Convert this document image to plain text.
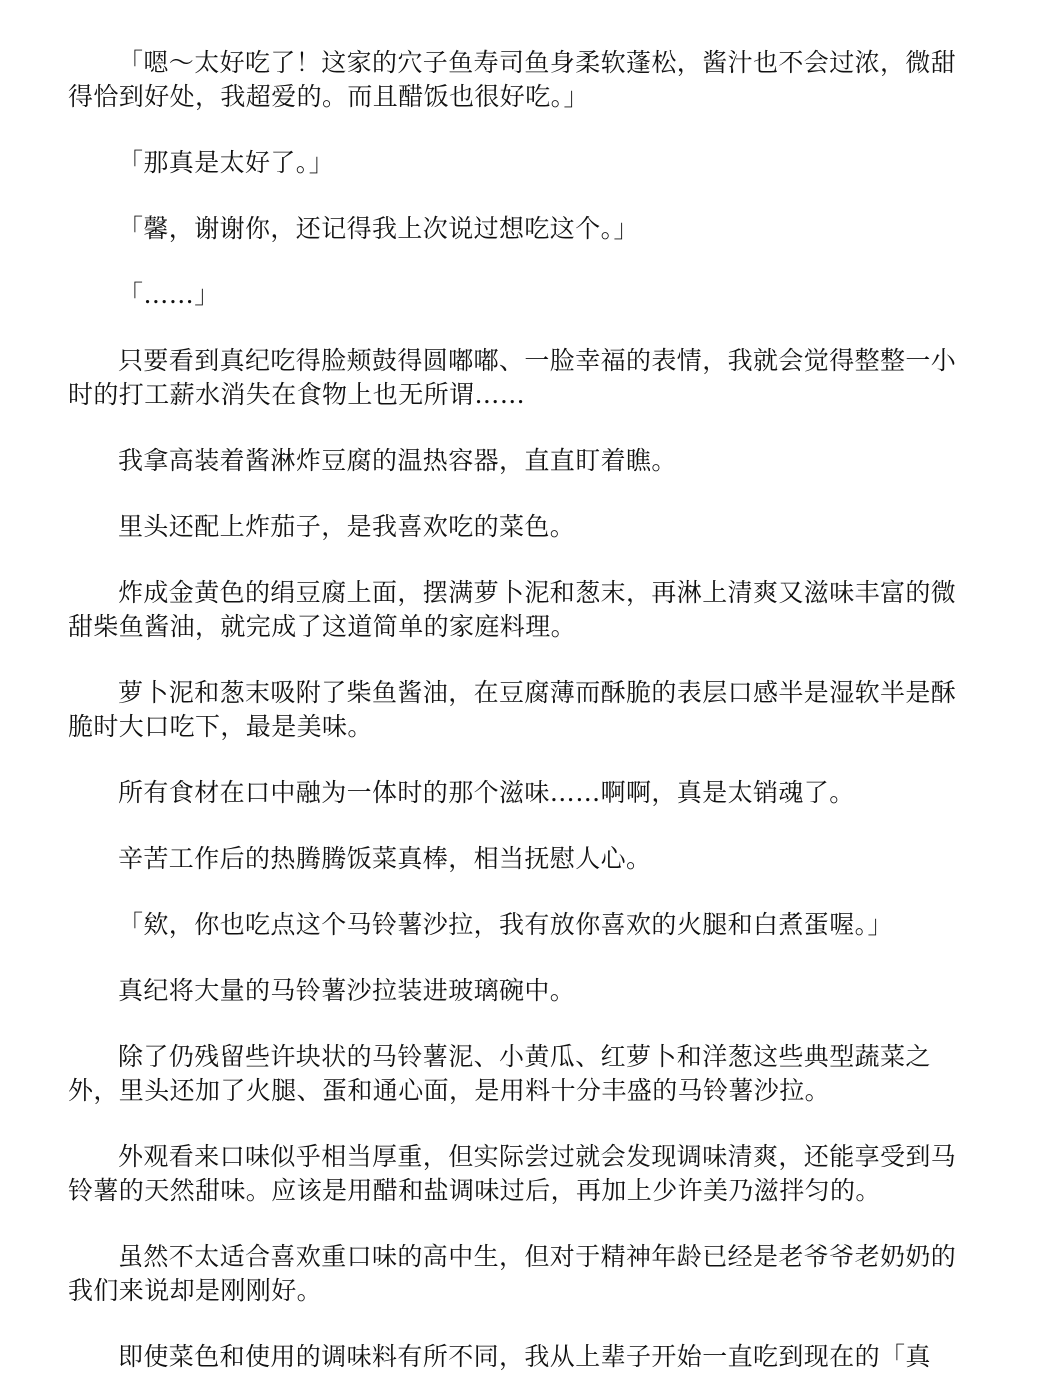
「嗯～太好吃了！这家的穴子鱼寿司鱼身柔软蓬松，酱汁也不会过浓，微甜得恰到好处，我超爱的。而且醋饭也很好吃。」

「那真是太好了。」

「馨，谢谢你，还记得我上次说过想吃这个。」

「……」

只要看到真纪吃得脸颊鼓得圆嘟嘟、一脸幸福的表情，我就会觉得整整一小时的打工薪水消失在食物上也无所谓……

我拿高装着酱淋炸豆腐的温热容器，直直盯着瞧。

里头还配上炸茄子，是我喜欢吃的菜色。

炸成金黄色的绢豆腐上面，摆满萝卜泥和葱末，再淋上清爽又滋味丰富的微甜柴鱼酱油，就完成了这道简单的家庭料理。

萝卜泥和葱末吸附了柴鱼酱油，在豆腐薄而酥脆的表层口感半是湿软半是酥脆时大口吃下，最是美味。

所有食材在口中融为一体时的那个滋味……啊啊，真是太销魂了。

辛苦工作后的热腾腾饭菜真棒，相当抚慰人心。

「欸，你也吃点这个马铃薯沙拉，我有放你喜欢的火腿和白煮蛋喔。」

真纪将大量的马铃薯沙拉装进玻璃碗中。

除了仍残留些许块状的马铃薯泥、小黄瓜、红萝卜和洋葱这些典型蔬菜之外，里头还加了火腿、蛋和通心面，是用料十分丰盛的马铃薯沙拉。

外观看来口味似乎相当厚重，但实际尝过就会发现调味清爽，还能享受到马铃薯的天然甜味。应该是用醋和盐调味过后，再加上少许美乃滋拌匀的。

虽然不太适合喜欢重口味的高中生，但对于精神年龄已经是老爷爷老奶奶的我们来说却是刚刚好。

即使菜色和使用的调味料有所不同，我从上辈子开始一直吃到现在的「真
